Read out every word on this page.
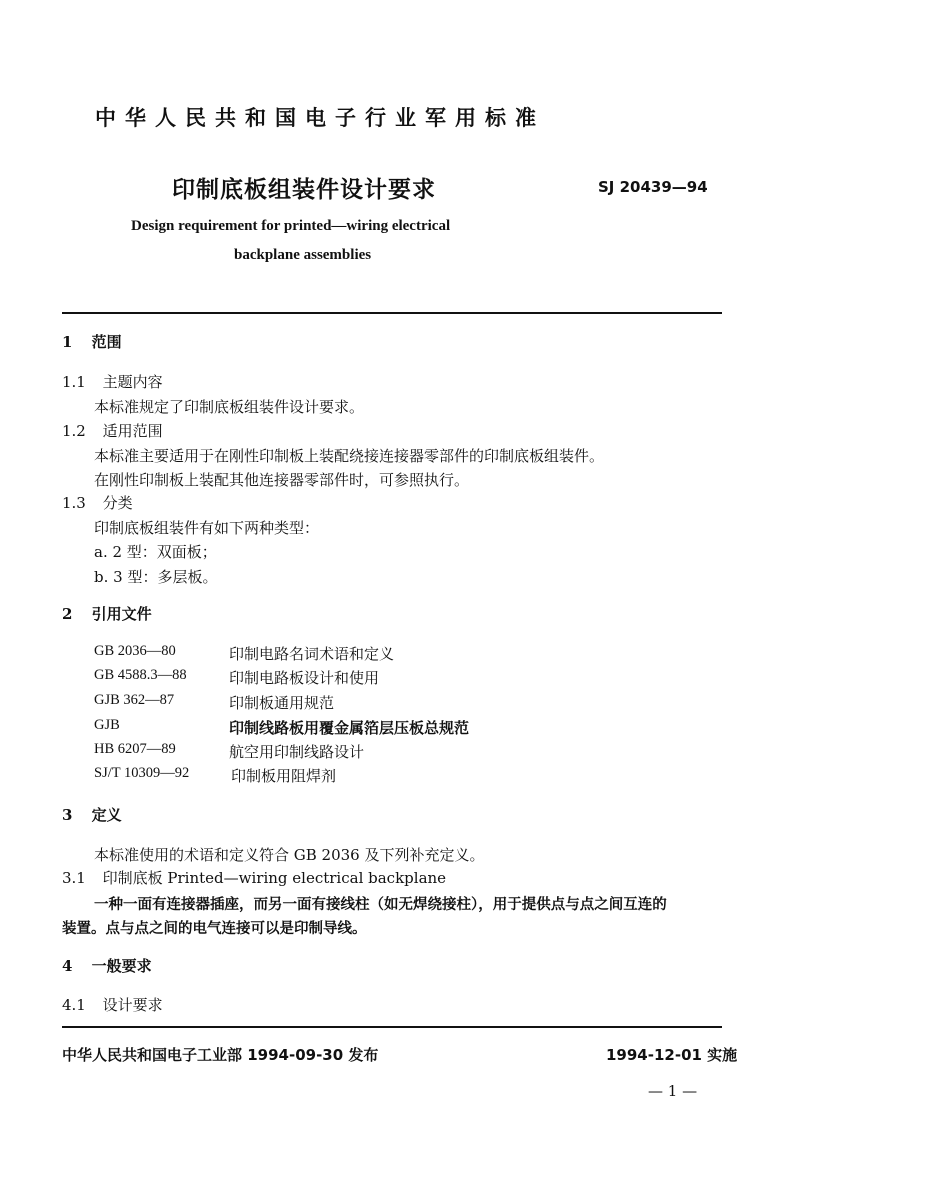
中华人民共和国电子行业军用标准
印制底板组装件设计要求	SJ 20439—94
Design requirement for printed—wiring electrical
backplane assemblies
1 范围
1.1 主题内容
本标准规定了印制底板组装件设计要求。
1.2 适用范围
本标准主要适用于在刚性印制板上装配绕接连接器零部件的印制底板组装件。
在刚性印制板上装配其他连接器零部件时，可参照执行。
1.3 分类
印制底板组装件有如下两种类型：
a. 2 型：双面板；
b. 3 型：多层板。
2 引用文件
GB 2036—80	印制电路名词术语和定义
GB 4588.3—88	印制电路板设计和使用
GJB 362—87	印制板通用规范
GJB	印制线路板用覆金属箔层压板总规范
HB 6207—89	航空用印制线路设计
SJ/T 10309—92	印制板用阻焊剂
3 定义
本标准使用的术语和定义符合 GB 2036 及下列补充定义。
3.1 印制底板 Printed—wiring electrical backplane
一种一面有连接器插座，而另一面有接线柱（如无焊绕接柱），用于提供点与点之间互连的
装置。点与点之间的电气连接可以是印制导线。
4 一般要求
4.1 设计要求
中华人民共和国电子工业部 1994-09-30 发布	1994-12-01 实施
— 1 —
